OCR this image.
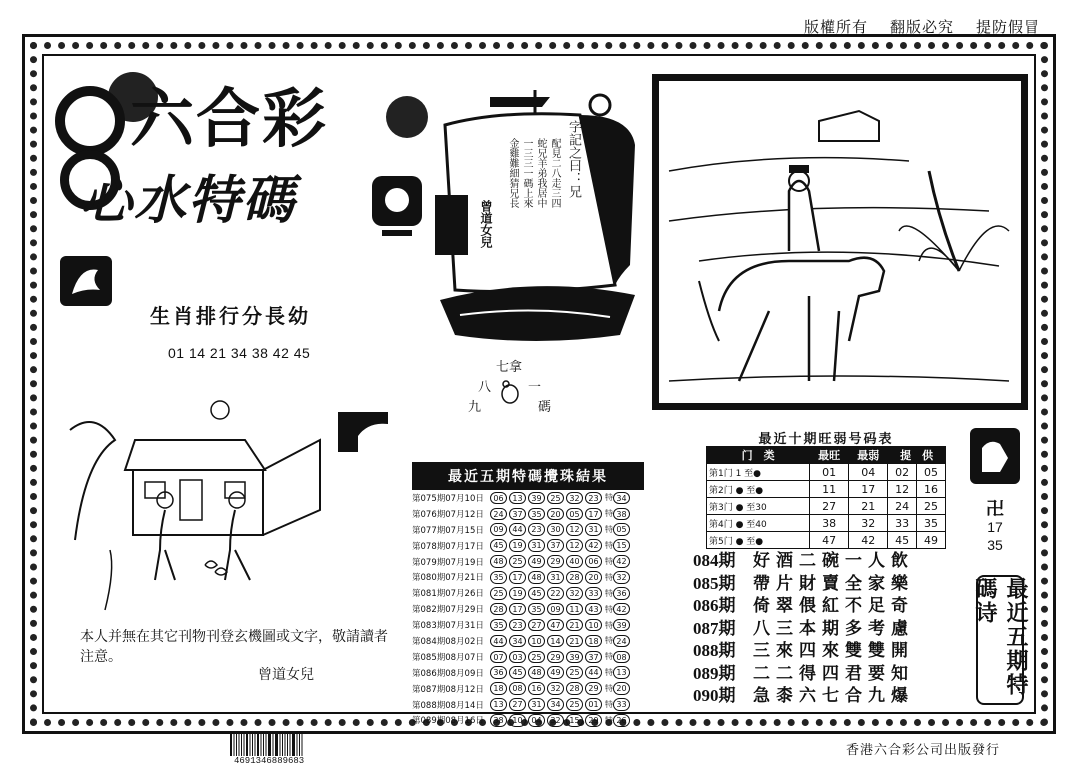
版權所有 翻版必究 提防假冒
六合彩
心水特碼
生肖排行分長幼
01 14 21 34 38 42 45
字記之曰：兄
配見二八走三四
蛇兄羊弟我居中
一三三一碼上來
金雞難細猜兄長
曾道女兒
七拿
八
九
一
碼
本人并無在其它刊物刊登玄機圖或文字，敬請讀者注意。
曾道女兒
最近五期特碼攪珠結果
第075期07月10日	06	13	39	25	32	23 特 34
第076期07月12日	24	37	35	20	05	17 特 38
第077期07月15日	09	44	23	30	12	31 特 05
第078期07月17日	45	19	31	37	12	42 特 15
第079期07月19日	48	25	49	29	40	06 特 42
第080期07月21日	35	17	48	31	28	20 特 32
第081期07月26日	25	19	45	22	32	33 特 36
第082期07月29日	28	17	35	09	11	43 特 42
第083期07月31日	35	23	27	47	21	10 特 39
第084期08月02日	44	34	10	14	21	18 特 24
第085期08月07日	07	03	25	29	39	37 特 08
第086期08月09日	36	45	48	49	25	44 特 13
第087期08月12日	18	08	16	32	28	29 特 20
第088期08月14日	13	27	31	34	25	01 特 33
第089期08月16日	38	10	04	32	15	29 特 26
最近十期旺弱号码表
门　 类	最旺	最弱	提　 供	
第1门 1 至●	01	04	02	05
第2门 ● 至●	11	17	12	16
第3门 ● 至30	27	21	24	25
第4门 ● 至40	38	32	33	35
第5门 ● 至●	47	42	45	49
卍
17
35
084期 好酒二碗一人飲
085期 帶片財賣全家樂
086期 倚翠偎紅不足奇
087期 八三本期多考慮
088期 三來四來雙雙開
089期 二二得四君要知
090期 急桼六七合九爆	最近五期特碼诗
4691346889683
香港六合彩公司出版發行
